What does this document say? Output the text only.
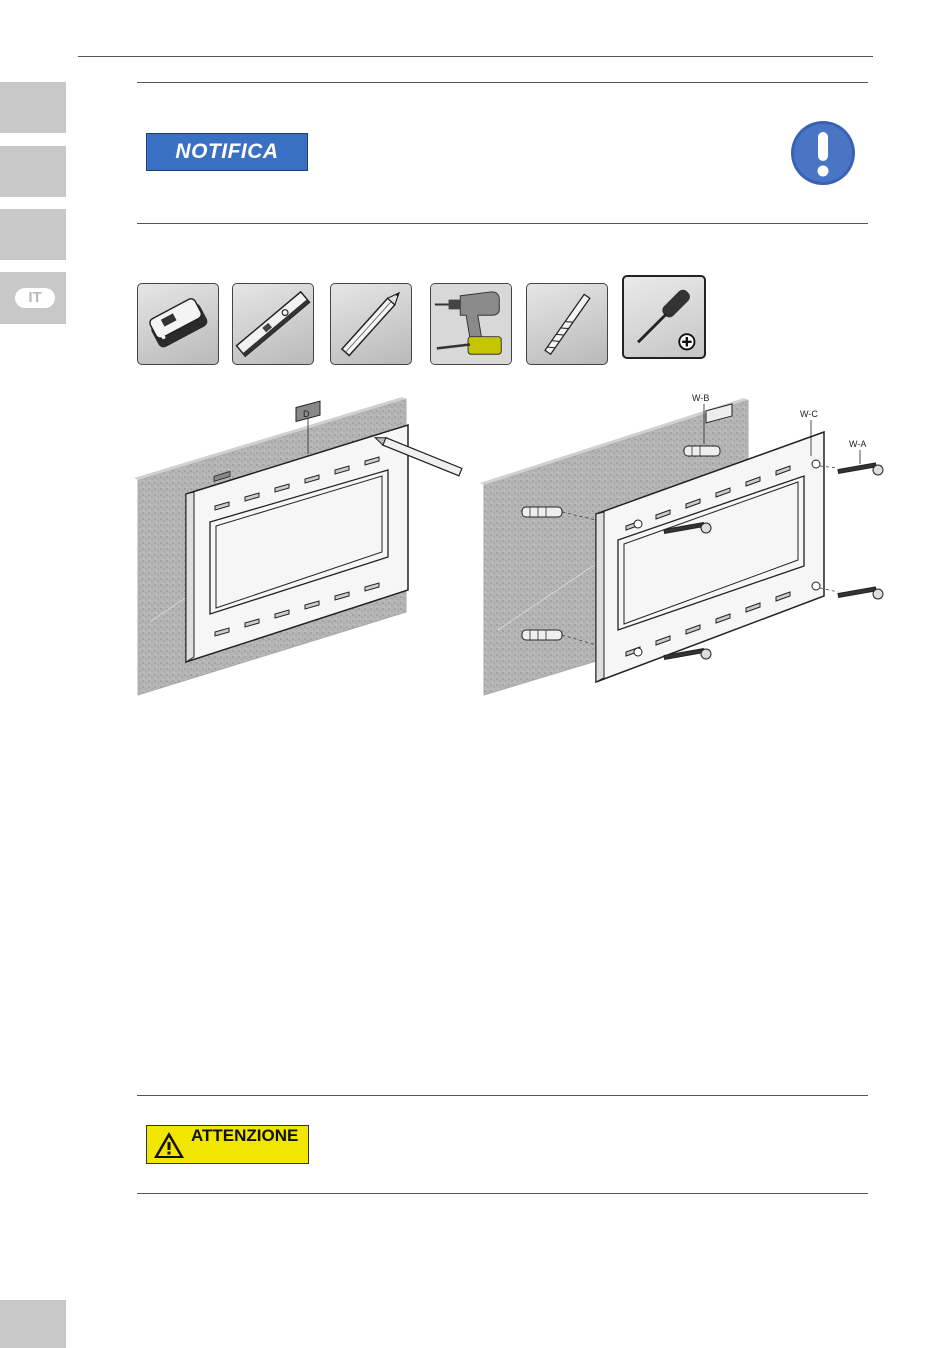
IT
NOTIFICA
D
W-B
W-C
W-A
ATTENZIONE
